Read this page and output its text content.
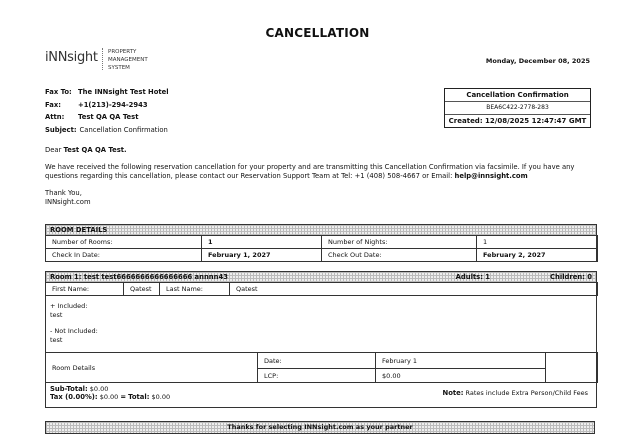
CANCELLATION
iNNsight PROPERTY
MANAGEMENT
SYSTEM
Monday, December 08, 2025
Fax To: The INNsight Test Hotel
Fax:	+1(213)-294-2943
Attn: Test QA QA Test
Subject: Cancellation Confirmation
Cancellation Confirmation
BEA6C422-2778-283
Created: 12/08/2025 12:47:47 GMT

Dear Test QA QA Test.

We have received the following reservation cancellation for your property and are transmitting this Cancellation Confirmation via facsimile. If you have any questions regarding this cancellation, please contact our Reservation Support Team at Tel: +1 (408) 508-4667 or Email: help@innsight.com

Thank You,
INNsight.com

ROOM DETAILS
Number of Rooms:	1	Number of Nights:	1
Check In Date:	February 1, 2027	Check Out Date:	February 2, 2027
Room 1: test test6666666666666666 annnn43	Adults: 1	Children: 0
First Name:	Qatest	Last Name:	Qatest

+ Included:
test

- Not Included:
test

Room Details	Date:	February 1	
	LCP:	$0.00	
Sub-Total: $0.00
Tax (0.00%): $0.00 = Total: $0.00	Note: Rates include Extra Person/Child Fees
Thanks for selecting INNsight.com as your partner
